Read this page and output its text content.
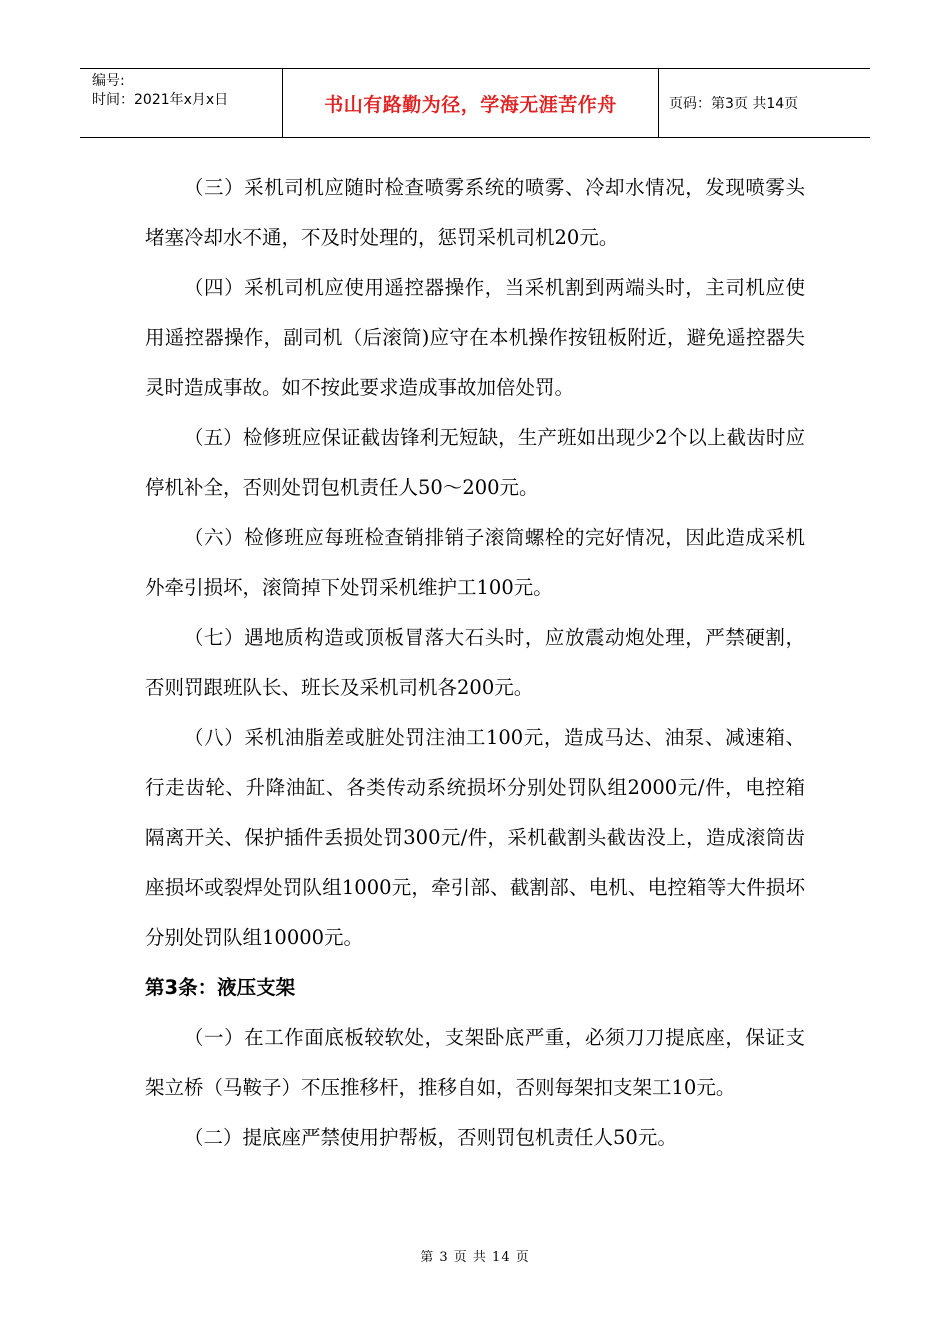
编号:
时间：2021年x月x日	书山有路勤为径，学海无涯苦作舟	页码：第3页 共14页

（三）采机司机应随时检查喷雾系统的喷雾、冷却水情况，发现喷雾头堵塞冷却水不通，不及时处理的，惩罚采机司机20元。

（四）采机司机应使用遥控器操作，当采机割到两端头时，主司机应使用遥控器操作，副司机（后滚筒)应守在本机操作按钮板附近，避免遥控器失灵时造成事故。如不按此要求造成事故加倍处罚。

（五）检修班应保证截齿锋利无短缺，生产班如出现少2个以上截齿时应停机补全，否则处罚包机责任人50～200元。

（六）检修班应每班检查销排销子滚筒螺栓的完好情况，因此造成采机外牵引损坏，滚筒掉下处罚采机维护工100元。

（七）遇地质构造或顶板冒落大石头时，应放震动炮处理，严禁硬割，否则罚跟班队长、班长及采机司机各200元。

（八）采机油脂差或脏处罚注油工100元，造成马达、油泵、减速箱、行走齿轮、升降油缸、各类传动系统损坏分别处罚队组2000元/件，电控箱隔离开关、保护插件丢损处罚300元/件，采机截割头截齿没上，造成滚筒齿座损坏或裂焊处罚队组1000元，牵引部、截割部、电机、电控箱等大件损坏分别处罚队组10000元。

第3条：液压支架

（一）在工作面底板较软处，支架卧底严重，必须刀刀提底座，保证支架立桥（马鞍子）不压推移杆，推移自如，否则每架扣支架工10元。

（二）提底座严禁使用护帮板，否则罚包机责任人50元。

第 3 页 共 14 页
